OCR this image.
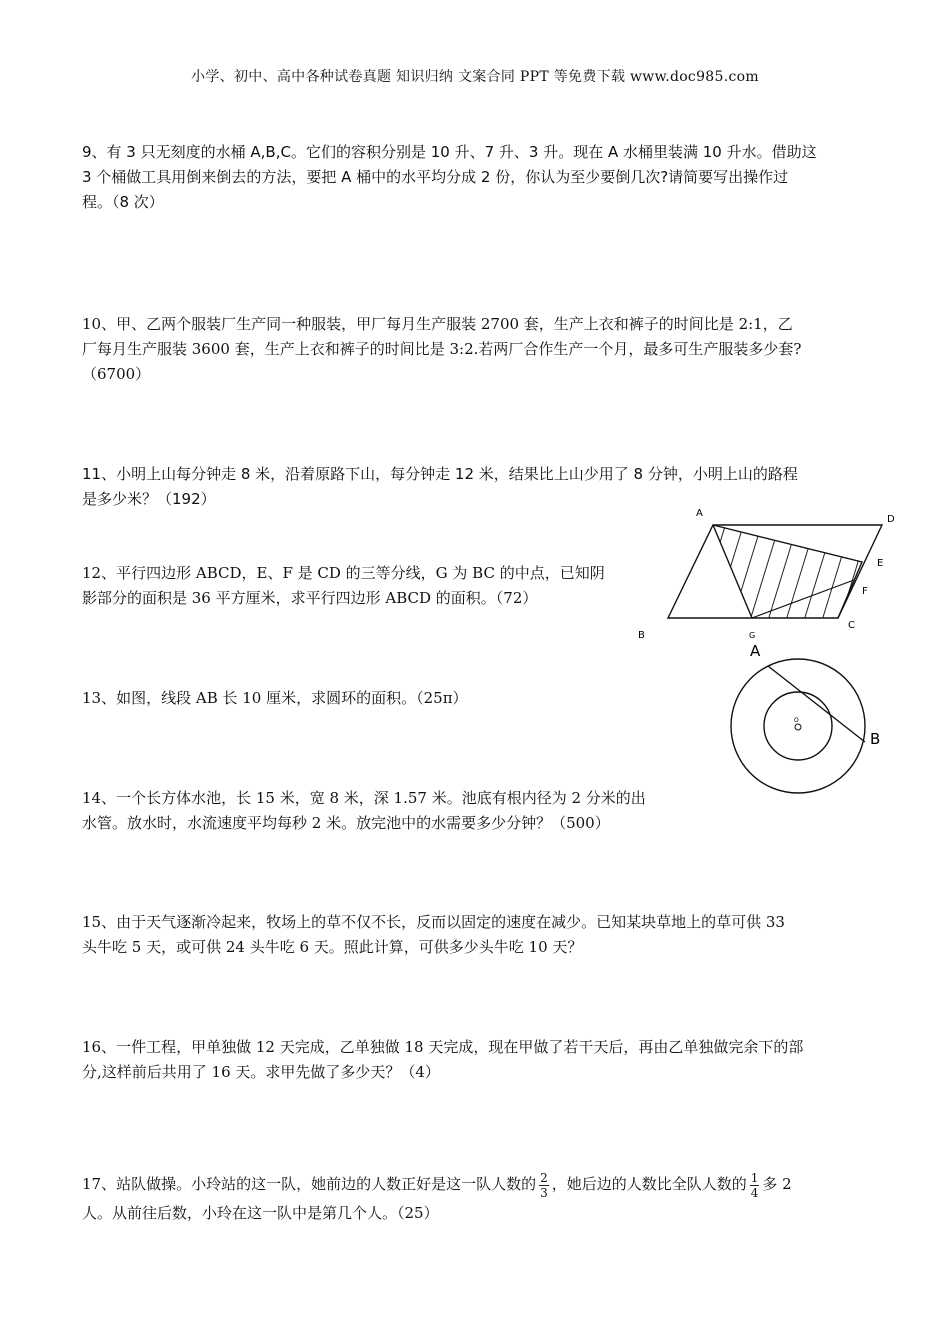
小学、初中、高中各种试卷真题 知识归纳 文案合同 PPT 等免费下载 www.doc985.com

9、有 3 只无刻度的水桶 A,B,C。它们的容积分别是 10 升、7 升、3 升。现在 A 水桶里装满 10 升水。借助这

3 个桶做工具用倒来倒去的方法，要把 A 桶中的水平均分成 2 份，你认为至少要倒几次?请简要写出操作过

程。（8 次）

10、甲、乙两个服装厂生产同一种服装，甲厂每月生产服装 2700 套，生产上衣和裤子的时间比是 2:1，乙

厂每月生产服装 3600 套，生产上衣和裤子的时间比是 3:2.若两厂合作生产一个月，最多可生产服装多少套?

（6700）

11、小明上山每分钟走 8 米，沿着原路下山，每分钟走 12 米，结果比上山少用了 8 分钟，小明上山的路程

是多少米？（192）

12、平行四边形 ABCD，E、F 是 CD 的三等分线，G 为 BC 的中点，已知阴

影部分的面积是 36 平方厘米，求平行四边形 ABCD 的面积。（72）

13、如图，线段 AB 长 10 厘米，求圆环的面积。（25π）

14、一个长方体水池，长 15 米，宽 8 米，深 1.57 米。池底有根内径为 2 分米的出

水管。放水时，水流速度平均每秒 2 米。放完池中的水需要多少分钟？（500）

15、由于天气逐渐冷起来，牧场上的草不仅不长，反而以固定的速度在减少。已知某块草地上的草可供 33

头牛吃 5 天，或可供 24 头牛吃 6 天。照此计算，可供多少头牛吃 10 天？

16、一件工程，甲单独做 12 天完成，乙单独做 18 天完成，现在甲做了若干天后，再由乙单独做完余下的部

分,这样前后共用了 16 天。求甲先做了多少天？（4）

17、站队做操。小玲站的这一队，她前边的人数正好是这一队人数的 $\frac{2}{3}$ ，她后边的人数比全队人数的 $\frac{1}{4}$ 多 2

人。从前往后数，小玲在这一队中是第几个人。（25）

A
D
E
F
C
G
B
A
B
O
